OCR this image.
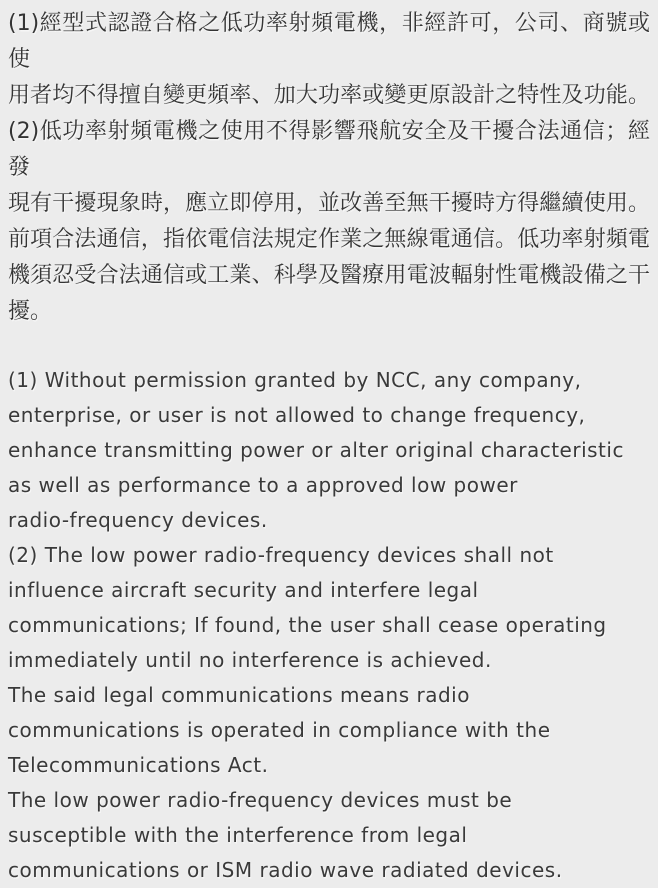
(1)經型式認證合格之低功率射頻電機，非經許可，公司、商號或使
用者均不得擅自變更頻率、加大功率或變更原設計之特性及功能。
(2)低功率射頻電機之使用不得影響飛航安全及干擾合法通信；經發
現有干擾現象時，應立即停用，並改善至無干擾時方得繼續使用。
前項合法通信，指依電信法規定作業之無線電通信。低功率射頻電
機須忍受合法通信或工業、科學及醫療用電波輻射性電機設備之干
擾。
(1) Without permission granted by NCC, any company,
enterprise, or user is not allowed to change frequency,
enhance transmitting power or alter original characteristic
as well as performance to a approved low power
radio-frequency devices.
(2) The low power radio-frequency devices shall not
influence aircraft security and interfere legal
communications; If found, the user shall cease operating
immediately until no interference is achieved.
The said legal communications means radio
communications is operated in compliance with the
Telecommunications Act.
The low power radio-frequency devices must be
susceptible with the interference from legal
communications or ISM radio wave radiated devices.
